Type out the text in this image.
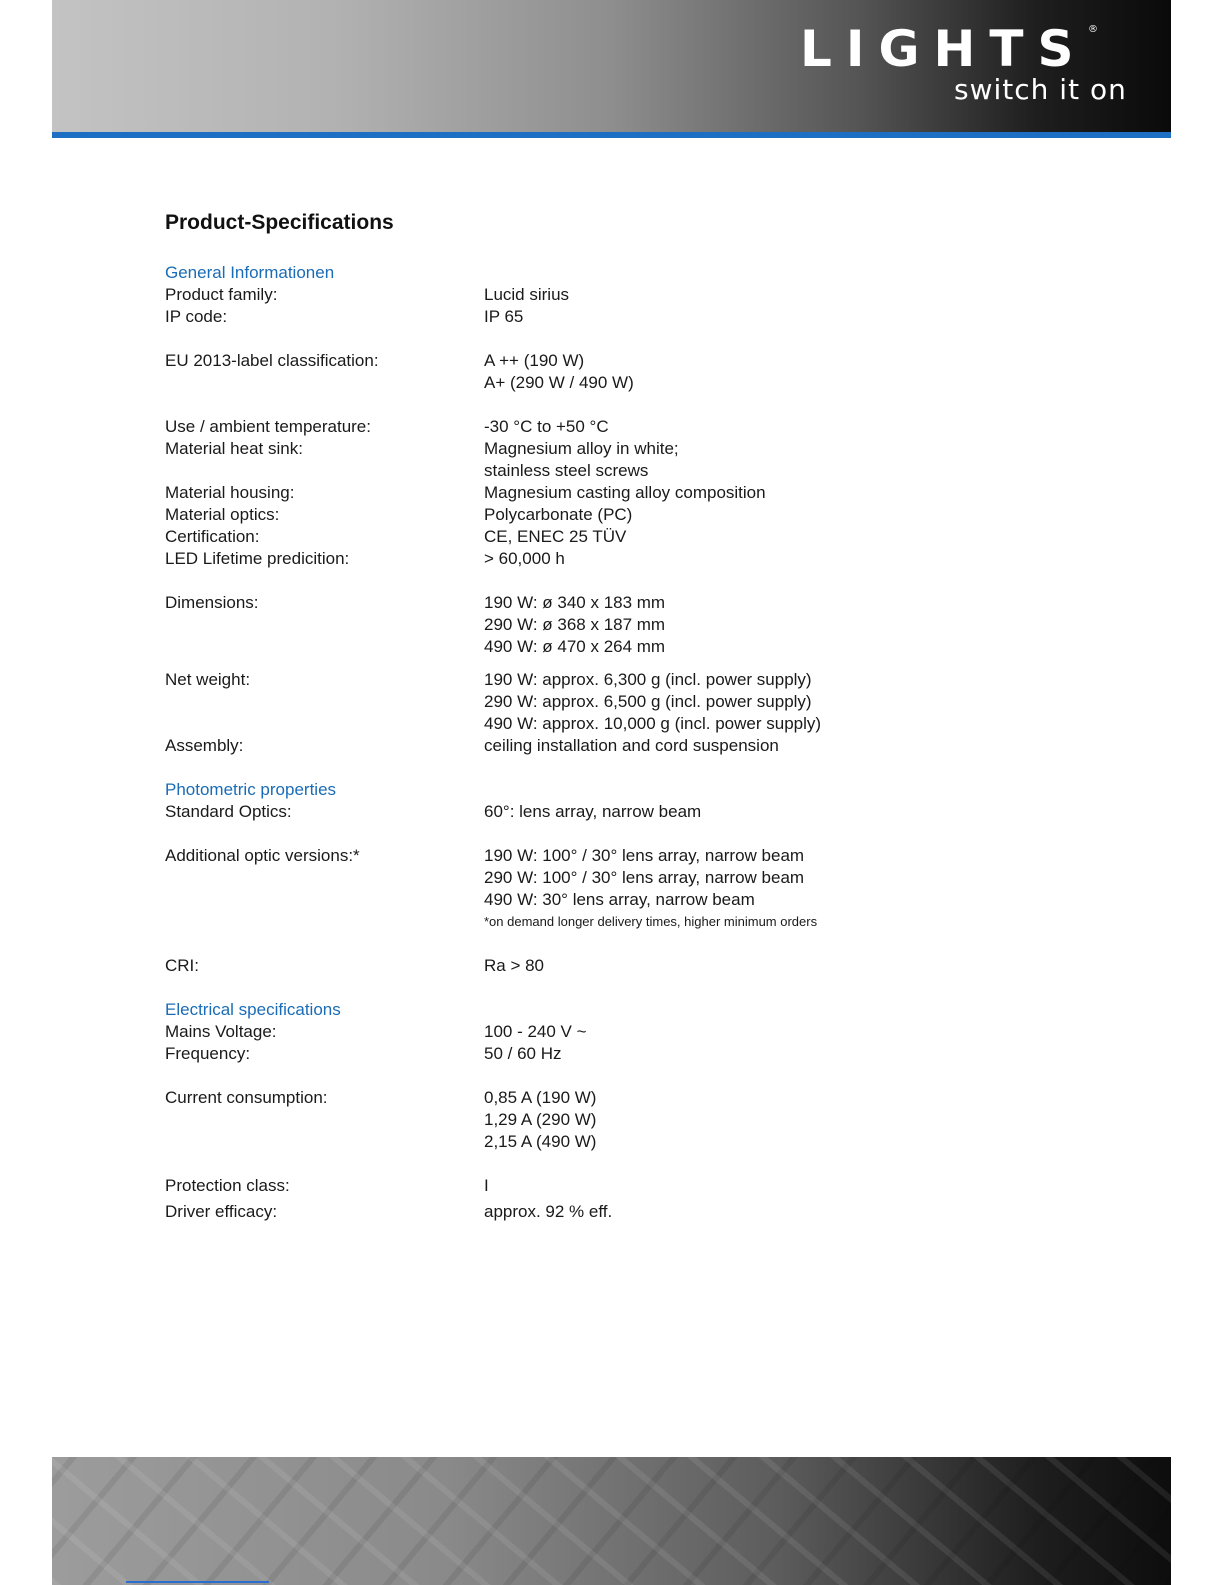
LIGHTS ®
switch it on
Product-Specifications
General Informationen
Product family:	Lucid sirius
IP code:	IP 65
EU 2013-label classification:	A ++ (190 W)
A+ (290 W / 490 W)
Use / ambient temperature:	-30 °C to +50 °C
Material heat sink:	Magnesium alloy in white;
stainless steel screws
Material housing:	Magnesium casting alloy composition
Material optics:	Polycarbonate (PC)
Certification:	CE, ENEC 25 TÜV
LED Lifetime predicition:	> 60,000 h
Dimensions:	190 W: ø 340 x 183 mm
290 W: ø 368 x 187 mm
490 W: ø 470 x 264 mm
Net weight:	190 W: approx. 6,300 g (incl. power supply)
290 W: approx. 6,500 g (incl. power supply)
490 W: approx. 10,000 g (incl. power supply)
Assembly:	ceiling installation and cord suspension
Photometric properties
Standard Optics:	60°: lens array, narrow beam
Additional optic versions:*	190 W: 100° / 30° lens array, narrow beam
290 W: 100° / 30° lens array, narrow beam
490 W: 30° lens array, narrow beam
*on demand longer delivery times, higher minimum orders
CRI:	Ra > 80
Electrical specifications
Mains Voltage:	100 - 240 V ~
Frequency:	50 / 60 Hz
Current consumption:	0,85 A (190 W)
1,29 A (290 W)
2,15 A (490 W)
Protection class:	I
Driver efficacy:	approx. 92 % eff.
